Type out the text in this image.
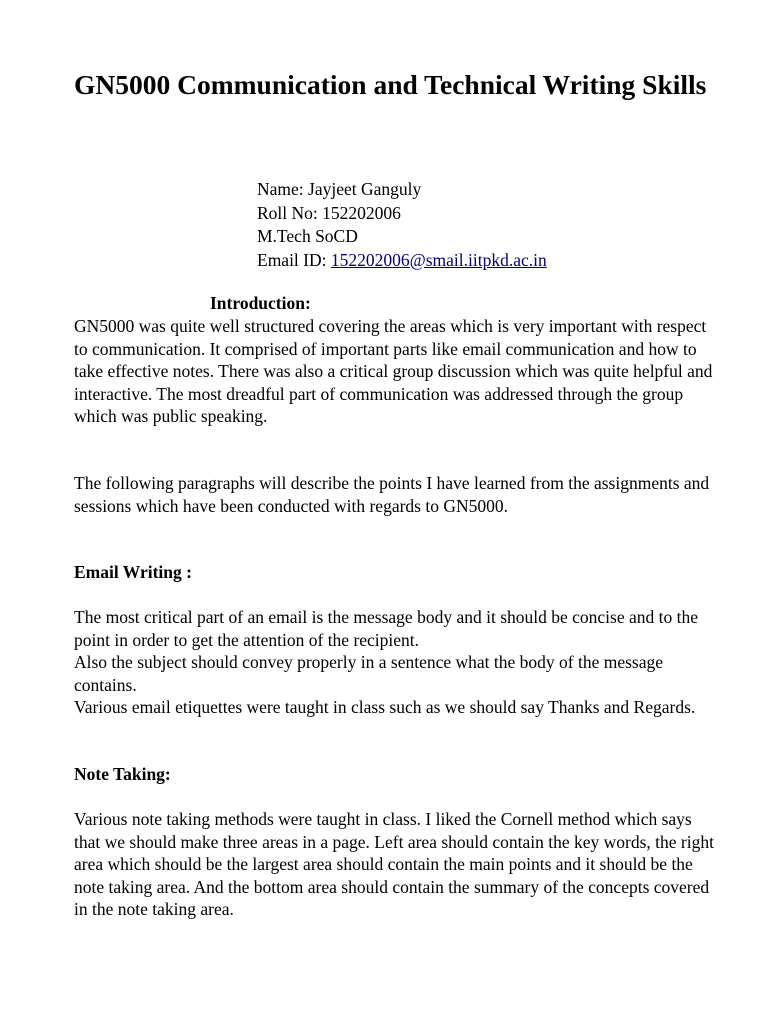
GN5000 Communication and Technical Writing Skills
Name: Jayjeet Ganguly
Roll No: 152202006
M.Tech SoCD
Email ID: 152202006@smail.iitpkd.ac.in
Introduction:

GN5000 was quite well structured covering the areas which is very important with respect to communication. It comprised of important parts like email communication and how to take effective notes. There was also a critical group discussion which was quite helpful and interactive. The most dreadful part of communication was addressed through the group which was public speaking.

The following paragraphs will describe the points I have learned from the assignments and sessions which have been conducted with regards to GN5000.

Email Writing :

The most critical part of an email is the message body and it should be concise and to the point in order to get the attention of the recipient.
Also the subject should convey properly in a sentence what the body of the message contains.
Various email etiquettes were taught in class such as we should say Thanks and Regards.

Note Taking:

Various note taking methods were taught in class. I liked the Cornell method which says that we should make three areas in a page. Left area should contain the key words, the right area which should be the largest area should contain the main points and it should be the note taking area. And the bottom area should contain the summary of the concepts covered in the note taking area.
